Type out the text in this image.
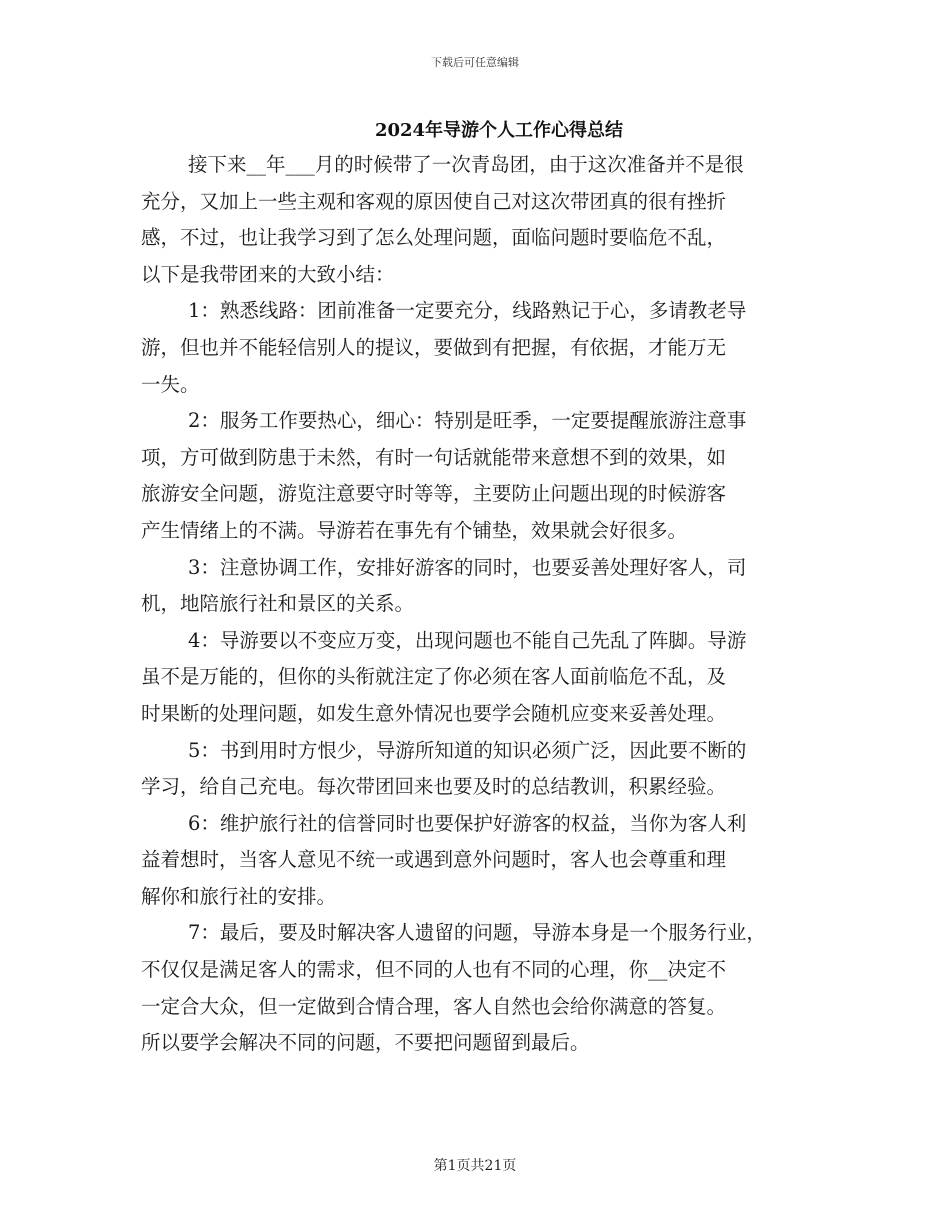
下载后可任意编辑
2024年导游个人工作心得总结
接下来__年___月的时候带了一次青岛团，由于这次准备并不是很
充分，又加上一些主观和客观的原因使自己对这次带团真的很有挫折
感，不过，也让我学习到了怎么处理问题，面临问题时要临危不乱，
以下是我带团来的大致小结：
1：熟悉线路：团前准备一定要充分，线路熟记于心，多请教老导
游，但也并不能轻信别人的提议，要做到有把握，有依据，才能万无
一失。
2：服务工作要热心，细心：特别是旺季，一定要提醒旅游注意事
项，方可做到防患于未然，有时一句话就能带来意想不到的效果，如
旅游安全问题，游览注意要守时等等，主要防止问题出现的时候游客
产生情绪上的不满。导游若在事先有个铺垫，效果就会好很多。
3：注意协调工作，安排好游客的同时，也要妥善处理好客人，司
机，地陪旅行社和景区的关系。
4：导游要以不变应万变，出现问题也不能自己先乱了阵脚。导游
虽不是万能的，但你的头衔就注定了你必须在客人面前临危不乱，及
时果断的处理问题，如发生意外情况也要学会随机应变来妥善处理。
5：书到用时方恨少，导游所知道的知识必须广泛，因此要不断的
学习，给自己充电。每次带团回来也要及时的总结教训，积累经验。
6：维护旅行社的信誉同时也要保护好游客的权益，当你为客人利
益着想时，当客人意见不统一或遇到意外问题时，客人也会尊重和理
解你和旅行社的安排。
7：最后，要及时解决客人遗留的问题，导游本身是一个服务行业，
不仅仅是满足客人的需求，但不同的人也有不同的心理，你__决定不
一定合大众，但一定做到合情合理，客人自然也会给你满意的答复。
所以要学会解决不同的问题，不要把问题留到最后。
第1页共21页
